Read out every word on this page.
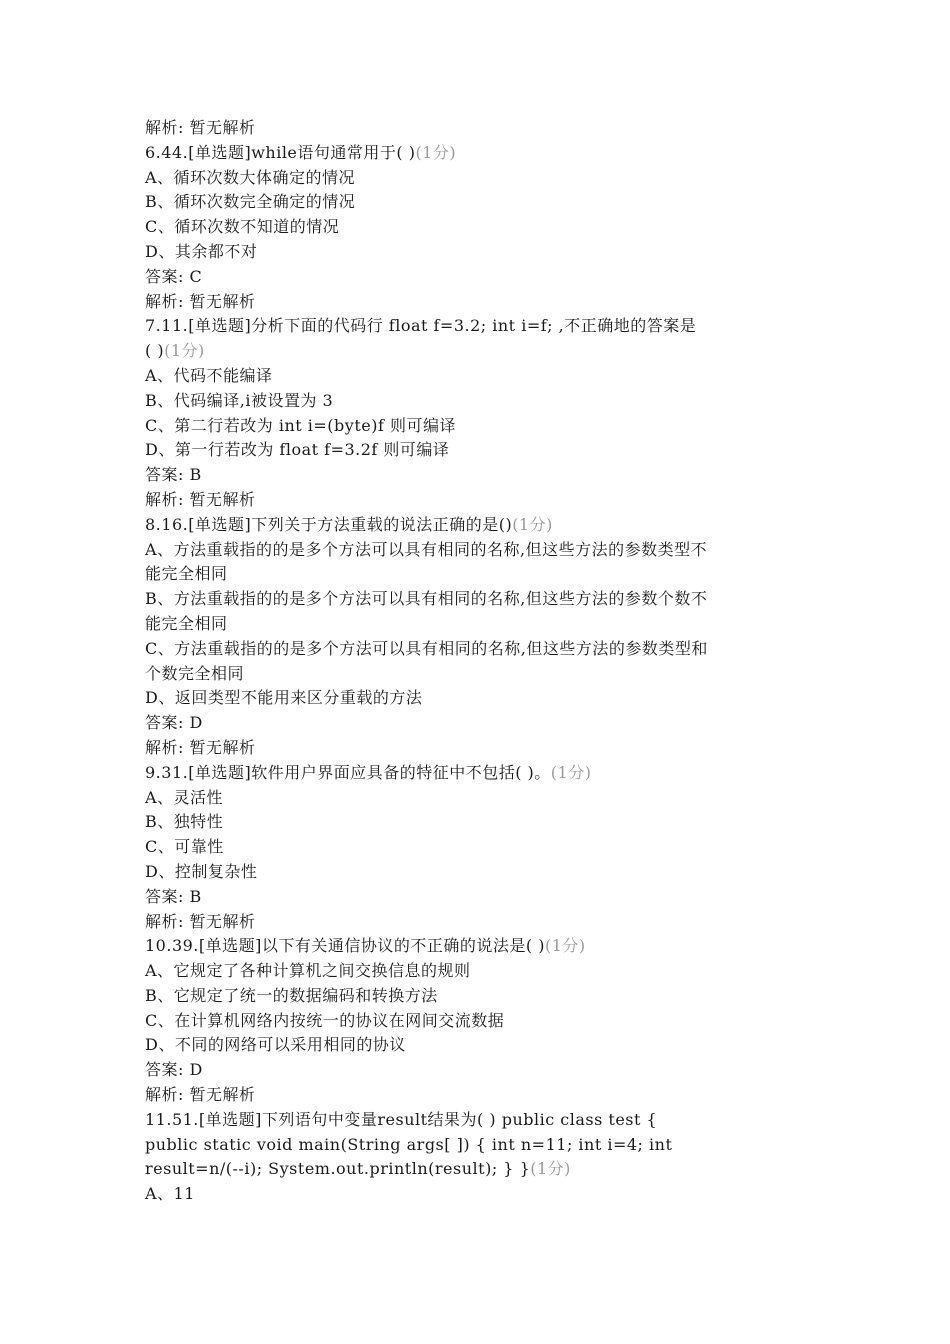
解析: 暂无解析
6.44.[单选题]while语句通常用于( )(1分)
A、循环次数大体确定的情况
B、循环次数完全确定的情况
C、循环次数不知道的情况
D、其余都不对
答案: C
解析: 暂无解析
7.11.[单选题]分析下面的代码行 float f=3.2; int i=f; ,不正确地的答案是
( )(1分)
A、代码不能编译
B、代码编译,i被设置为 3
C、第二行若改为 int i=(byte)f 则可编译
D、第一行若改为 float f=3.2f 则可编译
答案: B
解析: 暂无解析
8.16.[单选题]下列关于方法重载的说法正确的是()(1分)
A、方法重载指的的是多个方法可以具有相同的名称,但这些方法的参数类型不
能完全相同
B、方法重载指的的是多个方法可以具有相同的名称,但这些方法的参数个数不
能完全相同
C、方法重载指的的是多个方法可以具有相同的名称,但这些方法的参数类型和
个数完全相同
D、返回类型不能用来区分重载的方法
答案: D
解析: 暂无解析
9.31.[单选题]软件用户界面应具备的特征中不包括( )。(1分)
A、灵活性
B、独特性
C、可靠性
D、控制复杂性
答案: B
解析: 暂无解析
10.39.[单选题]以下有关通信协议的不正确的说法是( )(1分)
A、它规定了各种计算机之间交换信息的规则
B、它规定了统一的数据编码和转换方法
C、在计算机网络内按统一的协议在网间交流数据
D、不同的网络可以采用相同的协议
答案: D
解析: 暂无解析
11.51.[单选题]下列语句中变量result结果为( ) public class test {
public static void main(String args[ ]) { int n=11; int i=4; int
result=n/(--i); System.out.println(result); } }(1分)
A、11
